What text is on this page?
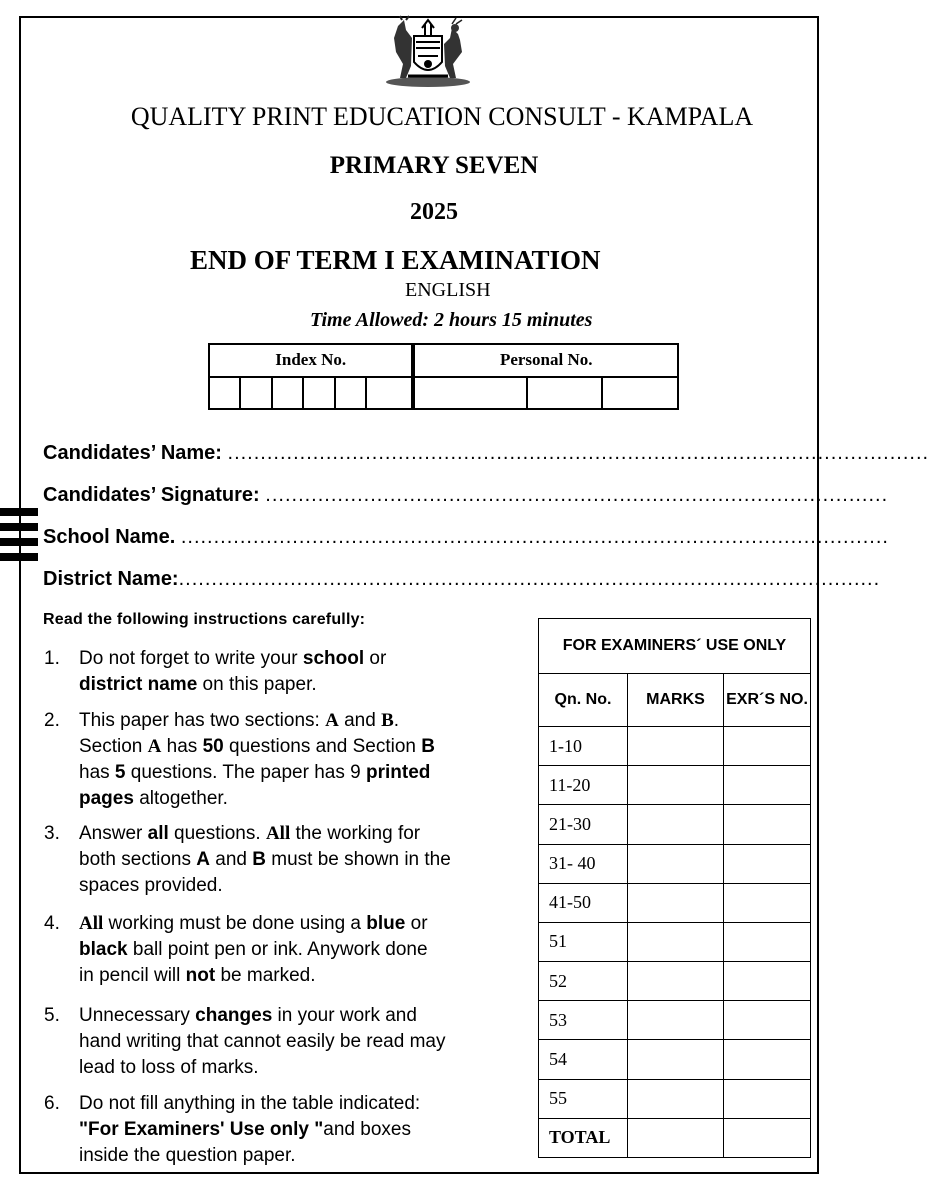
QUALITY PRINT EDUCATION CONSULT - KAMPALA
PRIMARY SEVEN
2025
END OF TERM I EXAMINATION
ENGLISH
Time Allowed: 2 hours 15 minutes
Index No.						Personal No.		

Candidates’ Name: ...........................................................................................................
Candidates’ Signature: ...............................................................................................
School Name. ............................................................................................................
District Name:...........................................................................................................
Read the following instructions carefully:
1. Do not forget to write your school or
district name on this paper.
2. This paper has two sections: A and B.
Section A has 50 questions and Section B
has 5 questions. The paper has 9 printed
pages altogether.
3. Answer all questions. All the working for
both sections A and B must be shown in the
spaces provided.
4. All working must be done using a blue or
black ball point pen or ink. Anywork done
in pencil will not be marked.
5. Unnecessary changes in your work and
hand writing that cannot easily be read may
lead to loss of marks.
6. Do not fill anything in the table indicated:
"For Examiners' Use only "and boxes
inside the question paper.
FOR EXAMINERS´ USE ONLY		
Qn. No.	MARKS	EXR´S NO.
1-10		
11-20		
21-30		
31- 40		
41-50		
51		
52		
53		
54		
55		
TOTAL		
